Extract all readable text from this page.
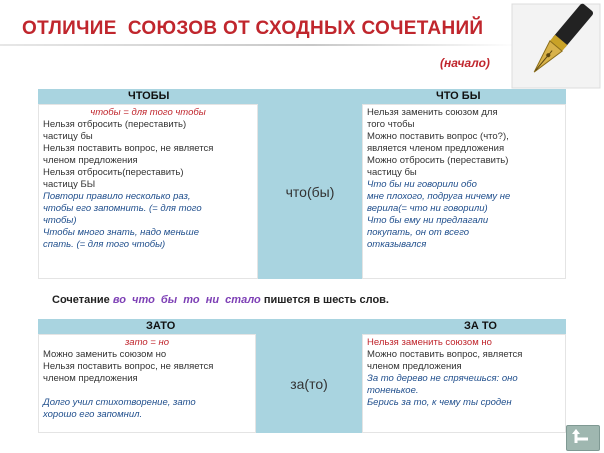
ОТЛИЧИЕ  СОЮЗОВ ОТ СХОДНЫХ СОЧЕТАНИЙ
(начало)
ЧТОБЫ	ЧТО БЫ
чтобы = для того чтобы
Нельзя отбросить (переставить)
частицу бы
Нельзя поставить вопрос, не является
членом предложения
Нельзя отбросить(переставить)
частицу БЫ
Повтори правило несколько раз,
чтобы его запомнить. (= для того
чтобы)
Чтобы много знать, надо меньше
спать. (= для того чтобы)
что(бы)
Нельзя заменить союзом для
того чтобы
Можно поставить вопрос (что?),
является членом предложения
Можно отбросить (переставить)
частицу бы
Что бы ни говорили обо
мне плохого, подруга ничему не
верила(= что ни говорили)
Что бы ему ни предлагали
покупать, он от всего
отказывался
Сочетание во  что  бы  то  ни  стало пишется в шесть слов.
ЗАТО	ЗА ТО
зато = но
Можно заменить союзом но
Нельзя поставить вопрос, не является
членом предложения

Долго учил стихотворение, зато
хорошо его запомнил.
за(то)
Нельзя заменить союзом но
Можно поставить вопрос, является
членом предложения
За то дерево не спрячешься: оно
тоненькое.
Берись за то, к чему ты сроден
